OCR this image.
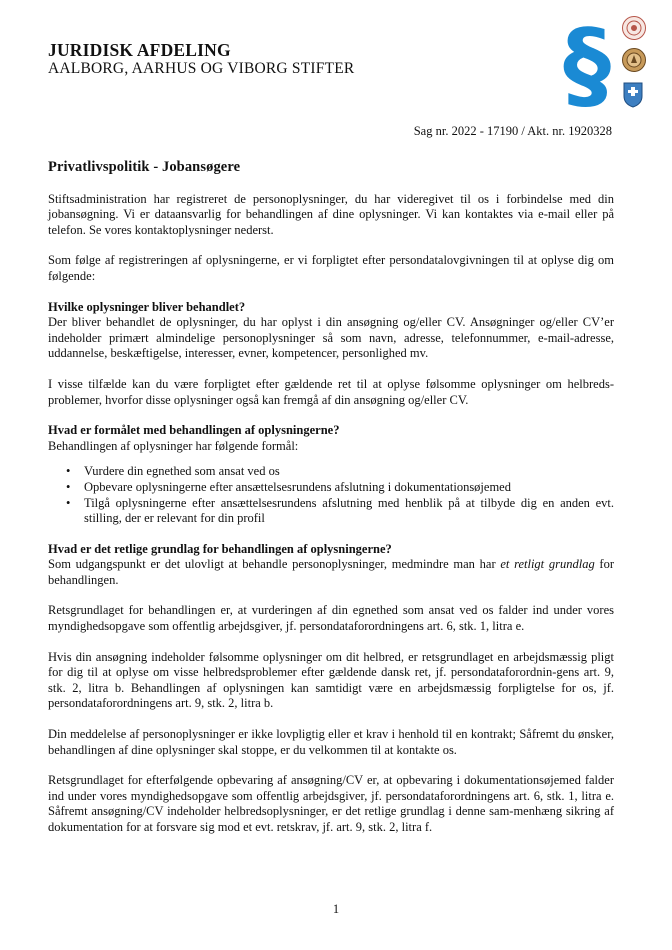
JURIDISK AFDELING
AALBORG, AARHUS OG VIBORG STIFTER §
Sag nr. 2022 - 17190 / Akt. nr. 1920328
Privatlivspolitik - Jobansøgere

Stiftsadministration har registreret de personoplysninger, du har videregivet til os i forbindelse med din jobansøgning. Vi er dataansvarlig for behandlingen af dine oplysninger. Vi kan kontaktes via e-mail eller på telefon. Se vores kontaktoplysninger nederst.

Som følge af registreringen af oplysningerne, er vi forpligtet efter persondatalovgivningen til at oplyse dig om følgende:

Hvilke oplysninger bliver behandlet?

Der bliver behandlet de oplysninger, du har oplyst i din ansøgning og/eller CV. Ansøgninger og/eller CV’er indeholder primært almindelige personoplysninger så som navn, adresse, telefonnummer, e-mail-adresse, uddannelse, beskæftigelse, interesser, evner, kompetencer, personlighed mv.

I visse tilfælde kan du være forpligtet efter gældende ret til at oplyse følsomme oplysninger om helbreds-problemer, hvorfor disse oplysninger også kan fremgå af din ansøgning og/eller CV.

Hvad er formålet med behandlingen af oplysningerne?

Behandlingen af oplysninger har følgende formål:

• Vurdere din egnethed som ansat ved os
• Opbevare oplysningerne efter ansættelsesrundens afslutning i dokumentationsøjemed
• Tilgå oplysningerne efter ansættelsesrundens afslutning med henblik på at tilbyde dig en anden evt. stilling, der er relevant for din profil

Hvad er det retlige grundlag for behandlingen af oplysningerne?

Som udgangspunkt er det ulovligt at behandle personoplysninger, medmindre man har et retligt grundlag for behandlingen.

Retsgrundlaget for behandlingen er, at vurderingen af din egnethed som ansat ved os falder ind under vores myndighedsopgave som offentlig arbejdsgiver, jf. persondataforordningens art. 6, stk. 1, litra e.

Hvis din ansøgning indeholder følsomme oplysninger om dit helbred, er retsgrundlaget en arbejdsmæssig pligt for dig til at oplyse om visse helbredsproblemer efter gældende dansk ret, jf. persondataforordnin-gens art. 9, stk. 2, litra b. Behandlingen af oplysningen kan samtidigt være en arbejdsmæssig forpligtelse for os, jf. persondataforordningens art. 9, stk. 2, litra b.

Din meddelelse af personoplysninger er ikke lovpligtig eller et krav i henhold til en kontrakt; Såfremt du ønsker, behandlingen af dine oplysninger skal stoppe, er du velkommen til at kontakte os.

Retsgrundlaget for efterfølgende opbevaring af ansøgning/CV er, at opbevaring i dokumentationsøjemed falder ind under vores myndighedsopgave som offentlig arbejdsgiver, jf. persondataforordningens art. 6, stk. 1, litra e. Såfremt ansøgning/CV indeholder helbredsoplysninger, er det retlige grundlag i denne sam-menhæng sikring af dokumentation for at forsvare sig mod et evt. retskrav, jf. art. 9, stk. 2, litra f.

1
